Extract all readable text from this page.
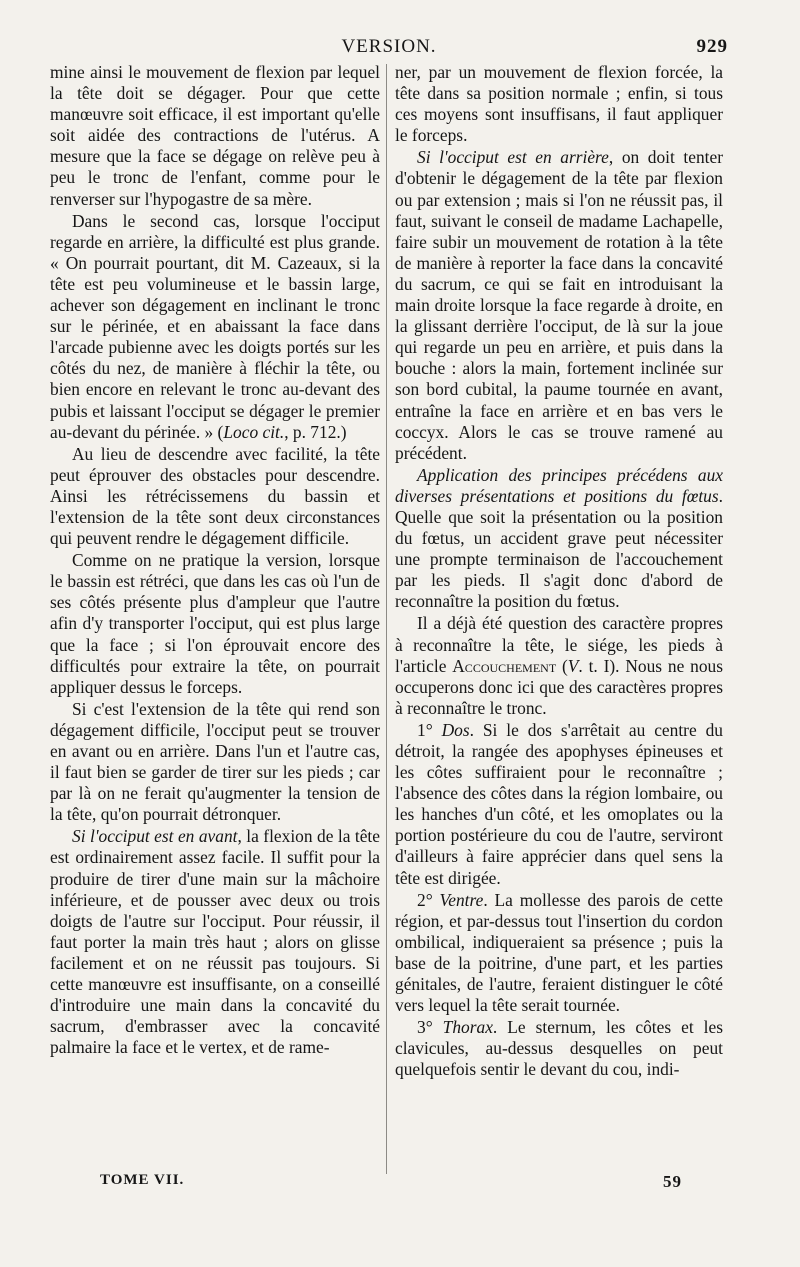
VERSION.	929

mine ainsi le mouvement de flexion par lequel la tête doit se dégager. Pour que cette manœuvre soit efficace, il est important qu'elle soit aidée des contractions de l'utérus. A mesure que la face se dégage on relève peu à peu le tronc de l'enfant, comme pour le renverser sur l'hypogastre de sa mère.

Dans le second cas, lorsque l'occiput regarde en arrière, la difficulté est plus grande. « On pourrait pourtant, dit M. Cazeaux, si la tête est peu volumineuse et le bassin large, achever son dégagement en inclinant le tronc sur le périnée, et en abaissant la face dans l'arcade pubienne avec les doigts portés sur les côtés du nez, de manière à fléchir la tête, ou bien encore en relevant le tronc au-devant des pubis et laissant l'occiput se dégager le premier au-devant du périnée. » (Loco cit., p. 712.)

Au lieu de descendre avec facilité, la tête peut éprouver des obstacles pour descendre. Ainsi les rétrécissemens du bassin et l'extension de la tête sont deux circonstances qui peuvent rendre le dégagement difficile.

Comme on ne pratique la version, lorsque le bassin est rétréci, que dans les cas où l'un de ses côtés présente plus d'ampleur que l'autre afin d'y transporter l'occiput, qui est plus large que la face ; si l'on éprouvait encore des difficultés pour extraire la tête, on pourrait appliquer dessus le forceps.

Si c'est l'extension de la tête qui rend son dégagement difficile, l'occiput peut se trouver en avant ou en arrière. Dans l'un et l'autre cas, il faut bien se garder de tirer sur les pieds ; car par là on ne ferait qu'augmenter la tension de la tête, qu'on pourrait détronquer.

Si l'occiput est en avant, la flexion de la tête est ordinairement assez facile. Il suffit pour la produire de tirer d'une main sur la mâchoire inférieure, et de pousser avec deux ou trois doigts de l'autre sur l'occiput. Pour réussir, il faut porter la main très haut ; alors on glisse facilement et on ne réussit pas toujours. Si cette manœuvre est insuffisante, on a conseillé d'introduire une main dans la concavité du sacrum, d'embrasser avec la concavité palmaire la face et le vertex, et de rame-

ner, par un mouvement de flexion forcée, la tête dans sa position normale ; enfin, si tous ces moyens sont insuffisans, il faut appliquer le forceps.

Si l'occiput est en arrière, on doit tenter d'obtenir le dégagement de la tête par flexion ou par extension ; mais si l'on ne réussit pas, il faut, suivant le conseil de madame Lachapelle, faire subir un mouvement de rotation à la tête de manière à reporter la face dans la concavité du sacrum, ce qui se fait en introduisant la main droite lorsque la face regarde à droite, en la glissant derrière l'occiput, de là sur la joue qui regarde un peu en arrière, et puis dans la bouche : alors la main, fortement inclinée sur son bord cubital, la paume tournée en avant, entraîne la face en arrière et en bas vers le coccyx. Alors le cas se trouve ramené au précédent.

Application des principes précédens aux diverses présentations et positions du fœtus. Quelle que soit la présentation ou la position du fœtus, un accident grave peut nécessiter une prompte terminaison de l'accouchement par les pieds. Il s'agit donc d'abord de reconnaître la position du fœtus.

Il a déjà été question des caractère propres à reconnaître la tête, le siége, les pieds à l'article Accouchement (V. t. I). Nous ne nous occuperons donc ici que des caractères propres à reconnaître le tronc.

1° Dos. Si le dos s'arrêtait au centre du détroit, la rangée des apophyses épineuses et les côtes suffiraient pour le reconnaître ; l'absence des côtes dans la région lombaire, ou les hanches d'un côté, et les omoplates ou la portion postérieure du cou de l'autre, serviront d'ailleurs à faire apprécier dans quel sens la tête est dirigée.

2° Ventre. La mollesse des parois de cette région, et par-dessus tout l'insertion du cordon ombilical, indiqueraient sa présence ; puis la base de la poitrine, d'une part, et les parties génitales, de l'autre, feraient distinguer le côté vers lequel la tête serait tournée.

3° Thorax. Le sternum, les côtes et les clavicules, au-dessus desquelles on peut quelquefois sentir le devant du cou, indi-

TOME VII.	59
